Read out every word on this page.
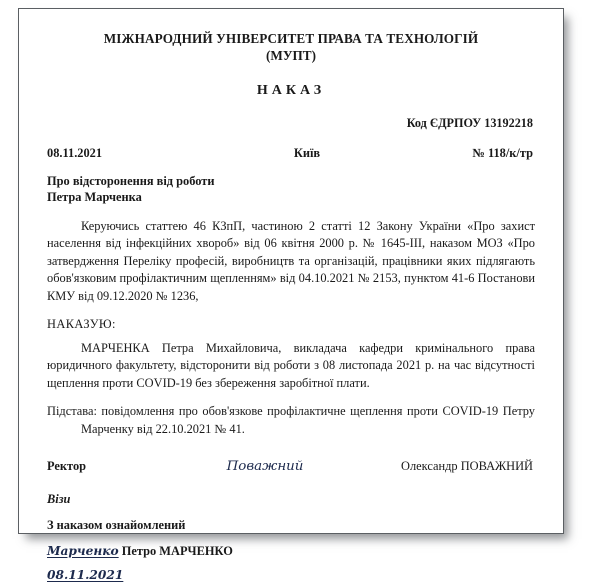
МІЖНАРОДНИЙ УНІВЕРСИТЕТ ПРАВА ТА ТЕХНОЛОГІЙ
(МУПТ)
НАКАЗ
Код ЄДРПОУ 13192218
08.11.2021	Київ	№ 118/к/тр
Про відсторонення від роботи
Петра Марченка

Керуючись статтею 46 КЗпП, частиною 2 статті 12 Закону України «Про захист населення від інфекційних хвороб» від 06 квітня 2000 р. № 1645-ІІІ, наказом МОЗ «Про затвердження Переліку професій, виробництв та організацій, працівники яких підлягають обов'язковим профілактичним щепленням» від 04.10.2021 № 2153, пунктом 41-6 Постанови КМУ від 09.12.2020 № 1236,

НАКАЗУЮ:

МАРЧЕНКА Петра Михайловича, викладача кафедри кримінального права юридичного факультету, відсторонити від роботи з 08 листопада 2021 р. на час відсутності щеплення проти COVID-19 без збереження заробітної плати.

Підстава: повідомлення про обов'язкове профілактичне щеплення проти COVID-19 Петру Марченку від 22.10.2021 № 41.

Ректор	Поважний	Олександр ПОВАЖНИЙ
Візи
З наказом ознайомлений
Марченко Петро МАРЧЕНКО
08.11.2021
